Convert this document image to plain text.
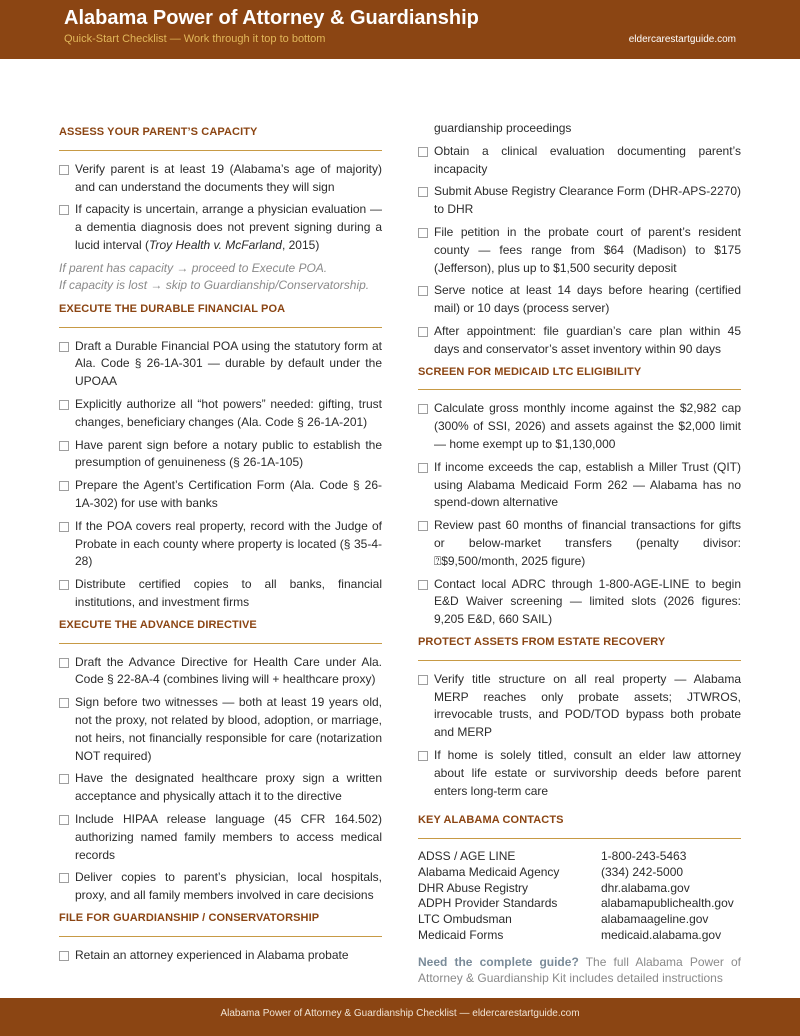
Alabama Power of Attorney & Guardianship
Quick-Start Checklist — Work through it top to bottom	eldercarestartguide.com
ASSESS YOUR PARENT’S CAPACITY
Verify parent is at least 19 (Alabama’s age of majority) and can understand the documents they will sign
If capacity is uncertain, arrange a physician evaluation — a dementia diagnosis does not prevent signing during a lucid interval (Troy Health v. McFarland, 2015)
If parent has capacity → proceed to Execute POA.
If capacity is lost → skip to Guardianship/Conservatorship.
EXECUTE THE DURABLE FINANCIAL POA
Draft a Durable Financial POA using the statutory form at Ala. Code § 26-1A-301 — durable by default under the UPOAA
Explicitly authorize all “hot powers” needed: gifting, trust changes, beneficiary changes (Ala. Code § 26-1A-201)
Have parent sign before a notary public to establish the presumption of genuineness (§ 26-1A-105)
Prepare the Agent’s Certification Form (Ala. Code § 26-1A-302) for use with banks
If the POA covers real property, record with the Judge of Probate in each county where property is located (§ 35-4-28)
Distribute certified copies to all banks, financial institutions, and investment firms
EXECUTE THE ADVANCE DIRECTIVE
Draft the Advance Directive for Health Care under Ala. Code § 22-8A-4 (combines living will + healthcare proxy)
Sign before two witnesses — both at least 19 years old, not the proxy, not related by blood, adoption, or marriage, not heirs, not financially responsible for care (notarization NOT required)
Have the designated healthcare proxy sign a written acceptance and physically attach it to the directive
Include HIPAA release language (45 CFR 164.502) authorizing named family members to access medical records
Deliver copies to parent’s physician, local hospitals, proxy, and all family members involved in care decisions
FILE FOR GUARDIANSHIP / CONSERVATORSHIP
Retain an attorney experienced in Alabama probate
guardianship proceedings
Obtain a clinical evaluation documenting parent’s incapacity
Submit Abuse Registry Clearance Form (DHR-APS-2270) to DHR
File petition in the probate court of parent’s resident county — fees range from $64 (Madison) to $175 (Jefferson), plus up to $1,500 security deposit
Serve notice at least 14 days before hearing (certified mail) or 10 days (process server)
After appointment: file guardian’s care plan within 45 days and conservator’s asset inventory within 90 days
SCREEN FOR MEDICAID LTC ELIGIBILITY
Calculate gross monthly income against the $2,982 cap (300% of SSI, 2026) and assets against the $2,000 limit — home exempt up to $1,130,000
If income exceeds the cap, establish a Miller Trust (QIT) using Alabama Medicaid Form 262 — Alabama has no spend-down alternative
Review past 60 months of financial transactions for gifts or below-market transfers (penalty divisor: ⍰$9,500/month, 2025 figure)
Contact local ADRC through 1-800-AGE-LINE to begin E&D Waiver screening — limited slots (2026 figures: 9,205 E&D, 660 SAIL)
PROTECT ASSETS FROM ESTATE RECOVERY
Verify title structure on all real property — Alabama MERP reaches only probate assets; JTWROS, irrevocable trusts, and POD/TOD bypass both probate and MERP
If home is solely titled, consult an elder law attorney about life estate or survivorship deeds before parent enters long-term care
KEY ALABAMA CONTACTS
ADSS / AGE LINE	1-800-243-5463
Alabama Medicaid Agency	(334) 242-5000
DHR Abuse Registry	dhr.alabama.gov
ADPH Provider Standards	alabamapublichealth.gov
LTC Ombudsman	alabamaageline.gov
Medicaid Forms	medicaid.alabama.gov
Need the complete guide? The full Alabama Power of Attorney & Guardianship Kit includes detailed instructions
Alabama Power of Attorney & Guardianship Checklist — eldercarestartguide.com
